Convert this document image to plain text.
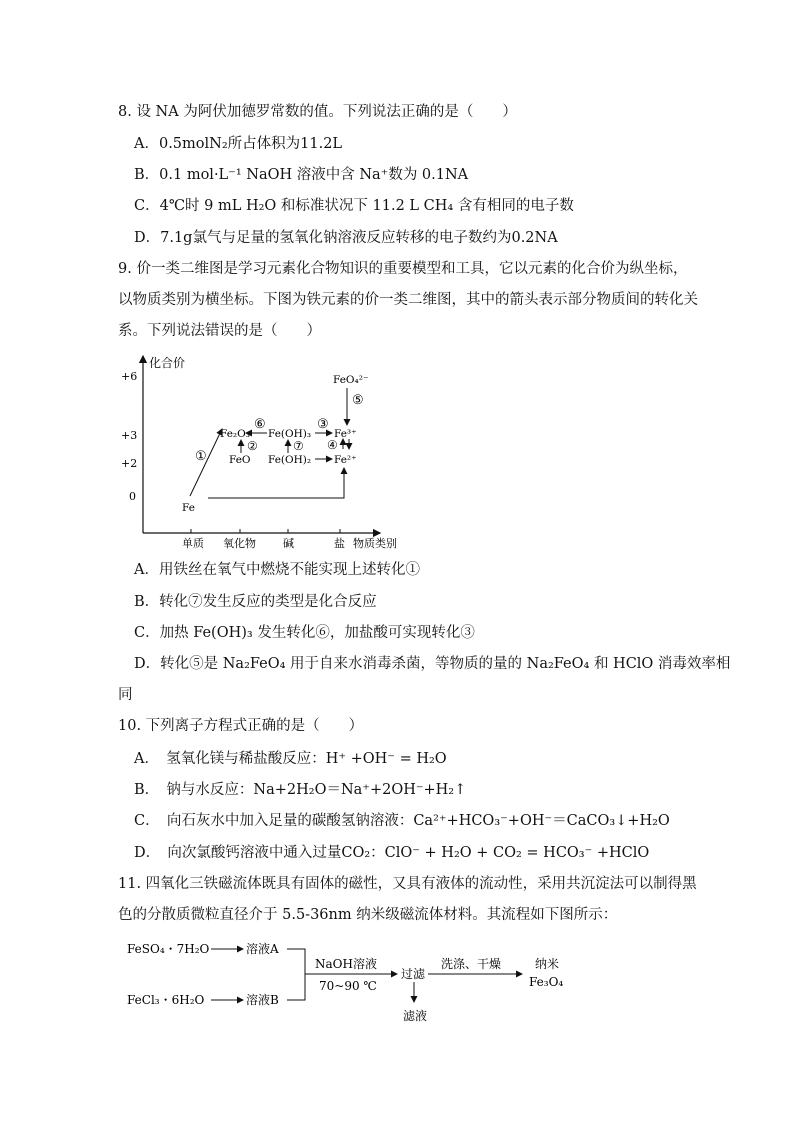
8. 设 NA 为阿伏加德罗常数的值。下列说法正确的是（　　）
A．0.5molN₂所占体积为11.2L
B．0.1 mol·L⁻¹ NaOH 溶液中含 Na⁺数为 0.1NA
C．4℃时 9 mL H₂O 和标准状况下 11.2 L CH₄ 含有相同的电子数
D．7.1g氯气与足量的氢氧化钠溶液反应转移的电子数约为0.2NA
9. 价一类二维图是学习元素化合物知识的重要模型和工具，它以元素的化合价为纵坐标，
以物质类别为横坐标。下图为铁元素的价一类二维图，其中的箭头表示部分物质间的转化关
系。下列说法错误的是（　　）
化合价
+6
+3
+2
0
单质 氧化物 碱	盐 物质类别
FeO₄²⁻
Fe₂O₃ Fe(OH)₃ Fe³⁺
FeO Fe(OH)₂ Fe²⁺
Fe
①
②
③
④
⑤
⑥
⑦
A．用铁丝在氧气中燃烧不能实现上述转化①
B．转化⑦发生反应的类型是化合反应
C．加热 Fe(OH)₃ 发生转化⑥，加盐酸可实现转化③
D．转化⑤是 Na₂FeO₄ 用于自来水消毒杀菌，等物质的量的 Na₂FeO₄ 和 HClO 消毒效率相
同
10. 下列离子方程式正确的是（　　）
A．　氢氧化镁与稀盐酸反应：H⁺ +OH⁻ = H₂O
B．　钠与水反应：Na+2H₂O＝Na⁺+2OH⁻+H₂↑
C．　向石灰水中加入足量的碳酸氢钠溶液：Ca²⁺+HCO₃⁻+OH⁻＝CaCO₃↓+H₂O
D．　向次氯酸钙溶液中通入过量CO₂：ClO⁻ + H₂O + CO₂ = HCO₃⁻ +HClO
11. 四氧化三铁磁流体既具有固体的磁性，又具有液体的流动性，采用共沉淀法可以制得黑
色的分散质微粒直径介于 5.5-36nm 纳米级磁流体材料。其流程如下图所示：
FeSO₄・7H₂O	溶液A
FeCl₃・6H₂O	溶液B
NaOH溶液
70~90 ℃
过滤
洗涤、干燥	纳米
Fe₃O₄
滤液
